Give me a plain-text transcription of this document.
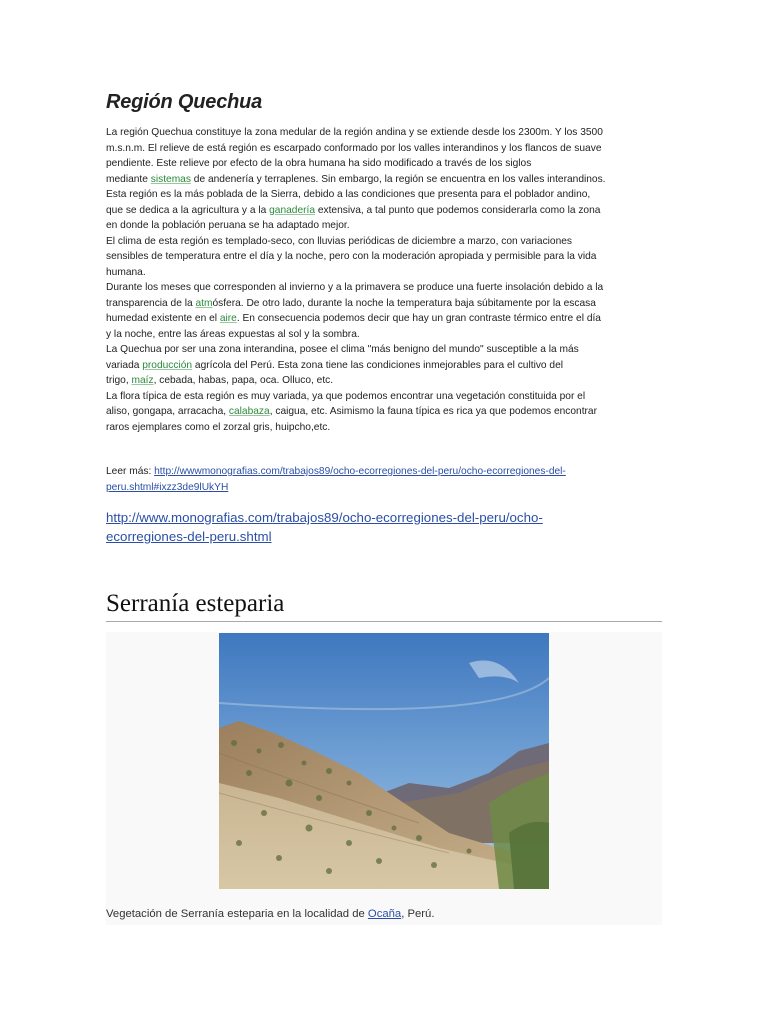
Región Quechua
La región Quechua constituye la zona medular de la región andina y se extiende desde los 2300m. Y los 3500
m.s.n.m. El relieve de está región es escarpado conformado por los valles interandinos y los flancos de suave
pendiente. Este relieve por efecto de la obra humana ha sido modificado a través de los siglos
mediante sistemas de andenería y terraplenes. Sin embargo, la región se encuentra en los valles interandinos.
Esta región es la más poblada de la Sierra, debido a las condiciones que presenta para el poblador andino,
que se dedica a la agricultura y a la ganadería extensiva, a tal punto que podemos considerarla como la zona
en donde la población peruana se ha adaptado mejor.
El clima de esta región es templado-seco, con lluvias periódicas de diciembre a marzo, con variaciones
sensibles de temperatura entre el día y la noche, pero con la moderación apropiada y permisible para la vida
humana.
Durante los meses que corresponden al invierno y a la primavera se produce una fuerte insolación debido a la
transparencia de la atmósfera. De otro lado, durante la noche la temperatura baja súbitamente por la escasa
humedad existente en el aire. En consecuencia podemos decir que hay un gran contraste térmico entre el día
y la noche, entre las áreas expuestas al sol y la sombra.
La Quechua por ser una zona interandina, posee el clima "más benigno del mundo" susceptible a la más
variada producción agrícola del Perú. Esta zona tiene las condiciones inmejorables para el cultivo del
trigo, maíz, cebada, habas, papa, oca. Olluco, etc.
La flora típica de esta región es muy variada, ya que podemos encontrar una vegetación constituida por el
aliso, gongapa, arracacha, calabaza, caigua, etc. Asimismo la fauna típica es rica ya que podemos encontrar
raros ejemplares como el zorzal gris, huipcho,etc.
Leer más: http://wwwmonografias.com/trabajos89/ocho-ecorregiones-del-peru/ocho-ecorregiones-del-
peru.shtml#ixzz3de9lUkYH
http://www.monografias.com/trabajos89/ocho-ecorregiones-del-peru/ocho-
ecorregiones-del-peru.shtml
Serranía esteparia
Vegetación de Serranía esteparia en la localidad de Ocaña, Perú.
